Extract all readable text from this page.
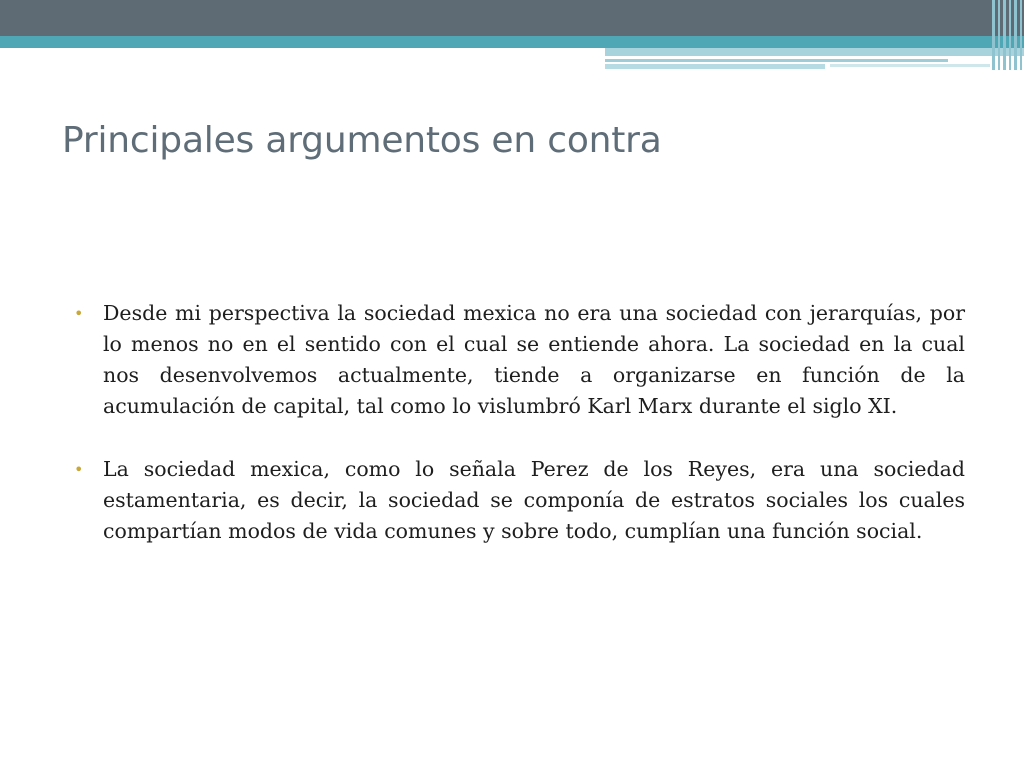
Principales argumentos en contra

• Desde mi perspectiva la sociedad mexica no era una sociedad con jerarquías, por lo menos no en el sentido con el cual se entiende ahora. La sociedad en la cual nos desenvolvemos actualmente, tiende a organizarse en función de la acumulación de capital, tal como lo vislumbró Karl Marx durante el siglo XI.

• La sociedad mexica, como lo señala Perez de los Reyes, era una sociedad estamentaria, es decir, la sociedad se componía de estratos sociales los cuales compartían modos de vida comunes y sobre todo, cumplían una función social.
